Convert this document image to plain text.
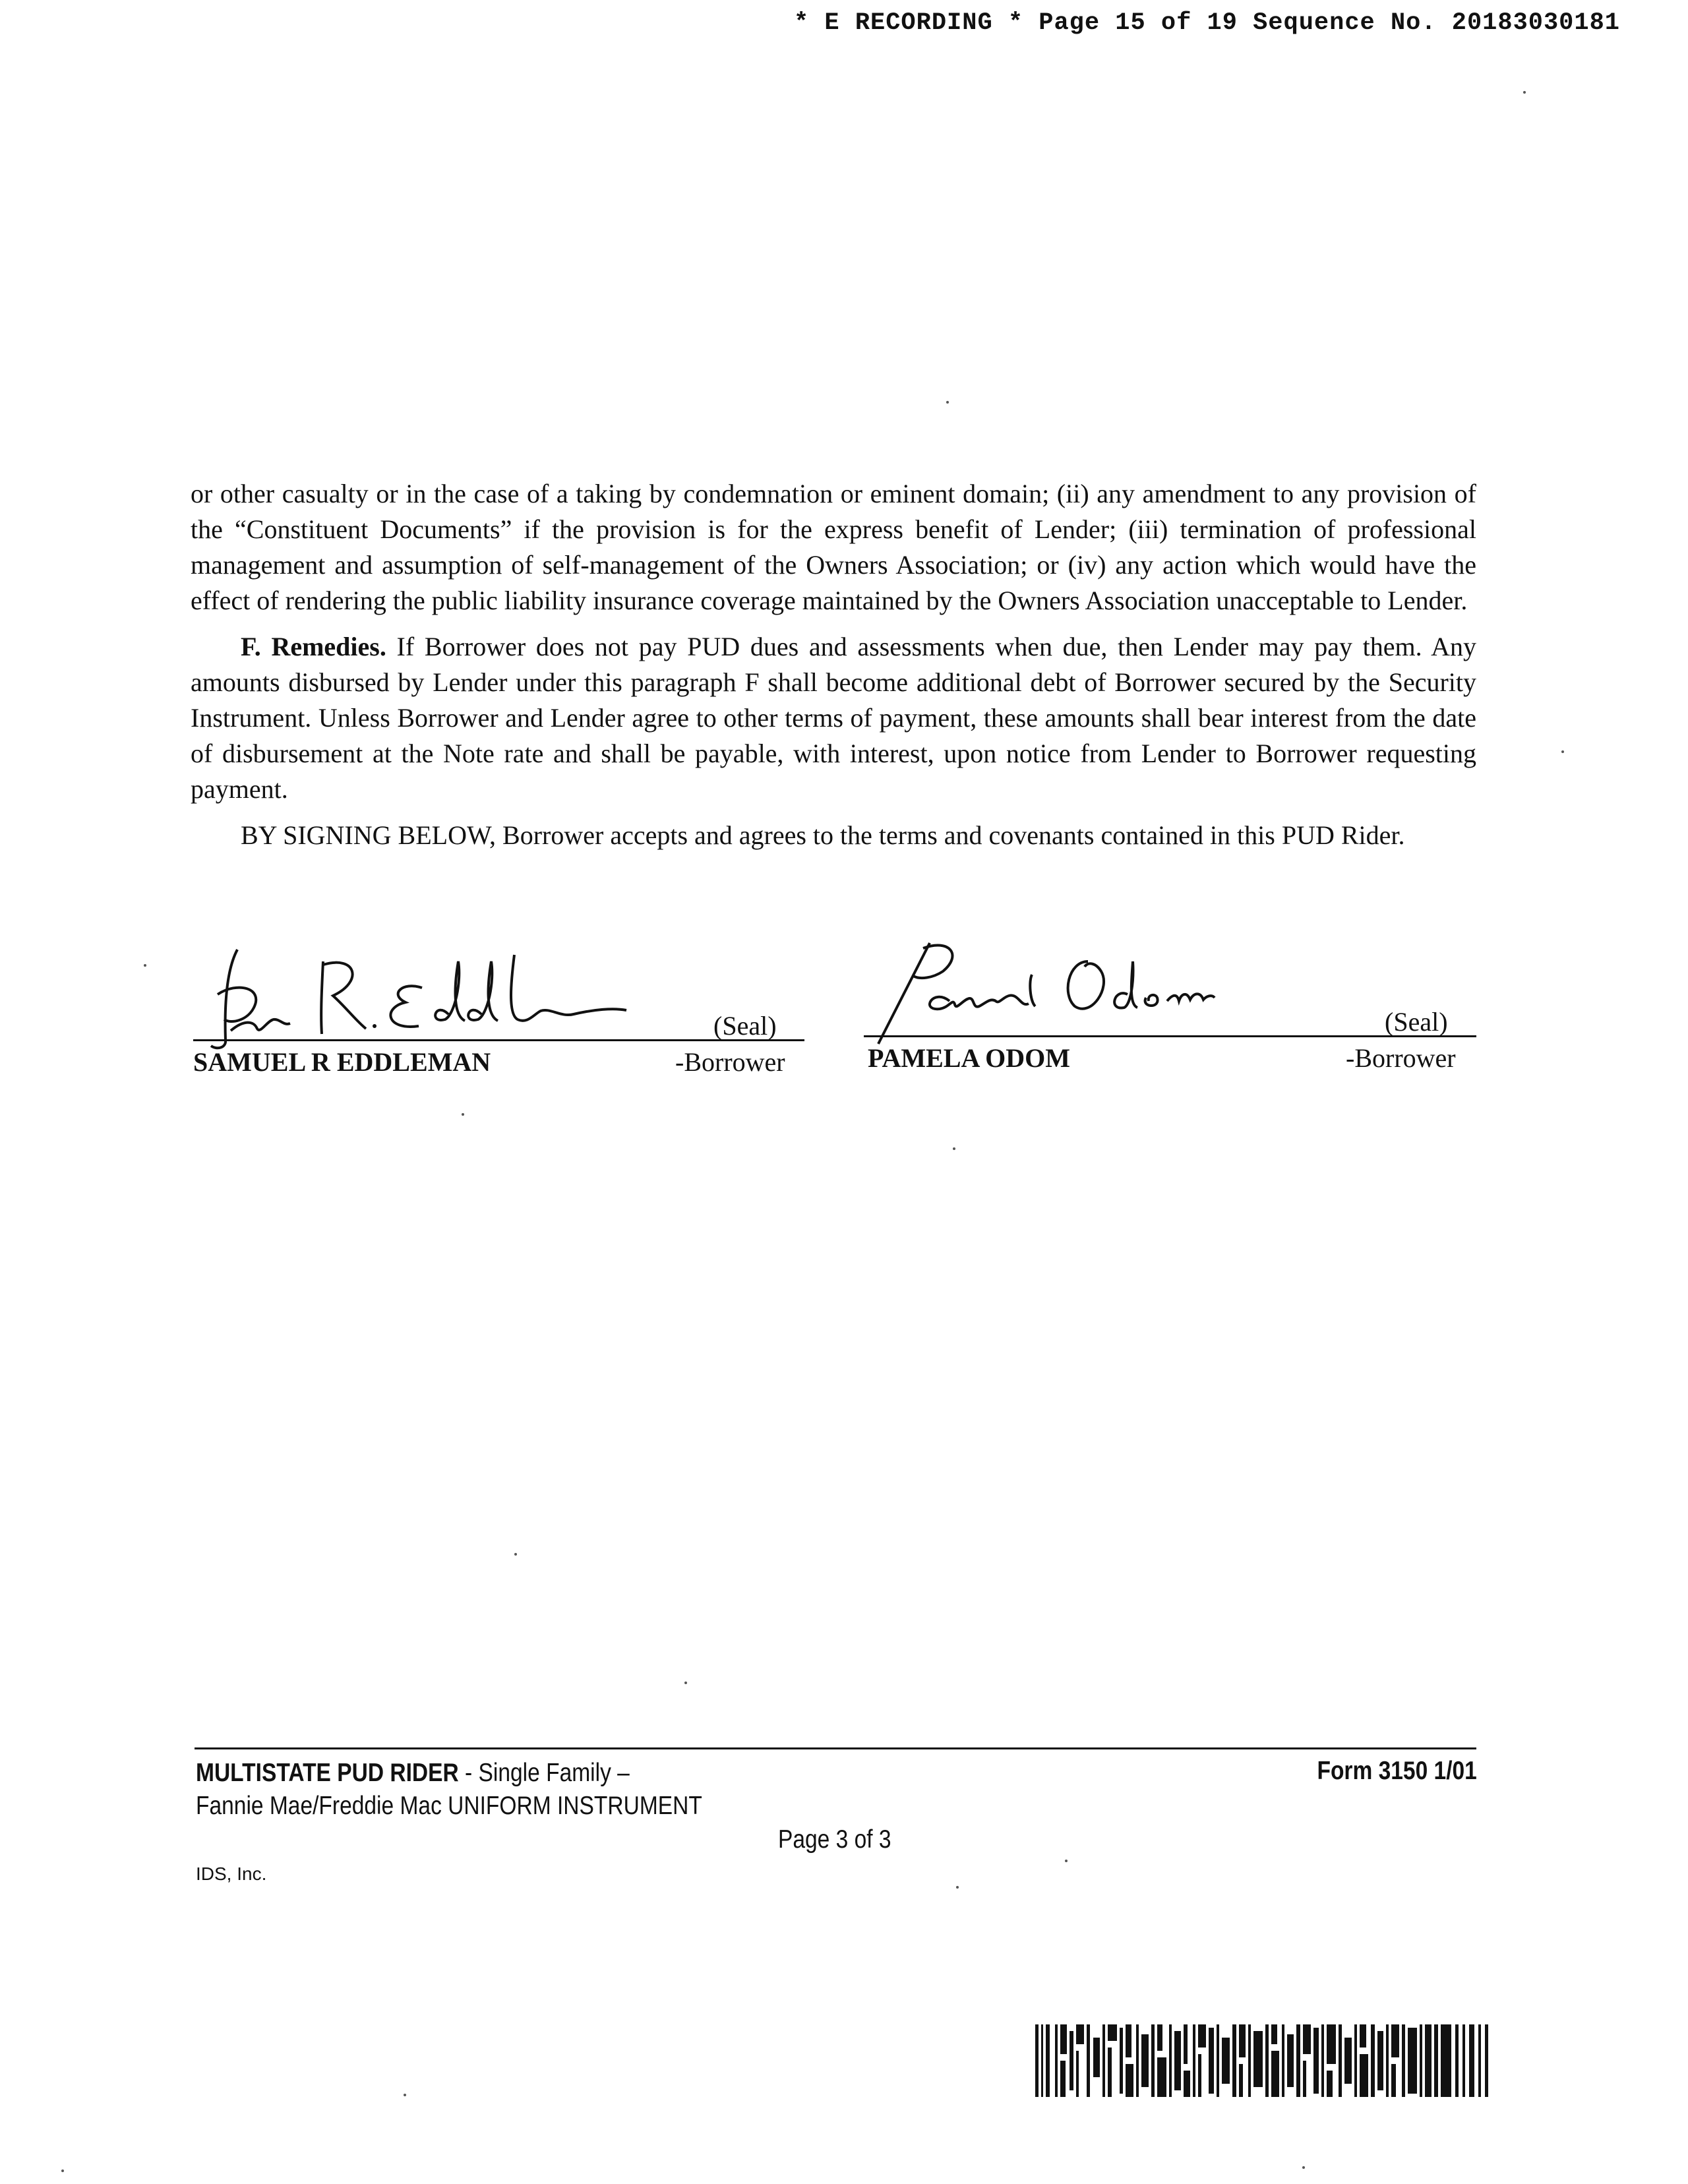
* E RECORDING * Page 15 of 19 Sequence No. 20183030181

or other casualty or in the case of a taking by condemnation or eminent domain; (ii) any amendment to any provision of the “Constituent Documents” if the provision is for the express benefit of Lender; (iii) termination of professional management and assumption of self-management of the Owners Association; or (iv) any action which would have the effect of rendering the public liability insurance coverage maintained by the Owners Association unacceptable to Lender.

F. Remedies. If Borrower does not pay PUD dues and assessments when due, then Lender may pay them. Any amounts disbursed by Lender under this paragraph F shall become additional debt of Borrower secured by the Security Instrument. Unless Borrower and Lender agree to other terms of payment, these amounts shall bear interest from the date of disbursement at the Note rate and shall be payable, with interest, upon notice from Lender to Borrower requesting payment.

BY SIGNING BELOW, Borrower accepts and agrees to the terms and covenants contained in this PUD Rider.

(Seal)
SAMUEL R EDDLEMAN	-Borrower
(Seal)
PAMELA ODOM	-Borrower
MULTISTATE PUD RIDER - Single Family –
Fannie Mae/Freddie Mac UNIFORM INSTRUMENT
Form 3150 1/01
Page 3 of 3
IDS, Inc.
